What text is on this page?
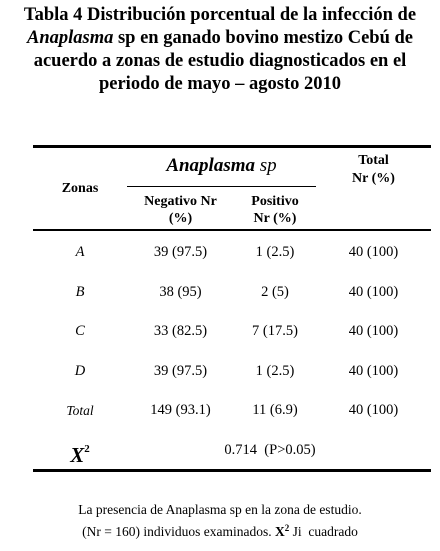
Tabla 4 Distribución porcentual de la infección de
Anaplasma sp en ganado bovino mestizo Cebú de
acuerdo a zonas de estudio diagnosticados en el
periodo de mayo – agosto 2010
Zonas
Anaplasma sp	Total
Nr (%)
Negativo Nr
(%)
Positivo
Nr (%)
A	39 (97.5)	1 (2.5)	40 (100)
B	38 (95)	2 (5)	40 (100)
C	33 (82.5)	7 (17.5)	40 (100)
D	39 (97.5)	1 (2.5)	40 (100)
Total	149 (93.1)	11 (6.9)	40 (100)
$X^2$	0.714  (P>0.05)
La presencia de Anaplasma sp en la zona de estudio.
(Nr = 160) individuos examinados. $X^2$ Ji  cuadrado
